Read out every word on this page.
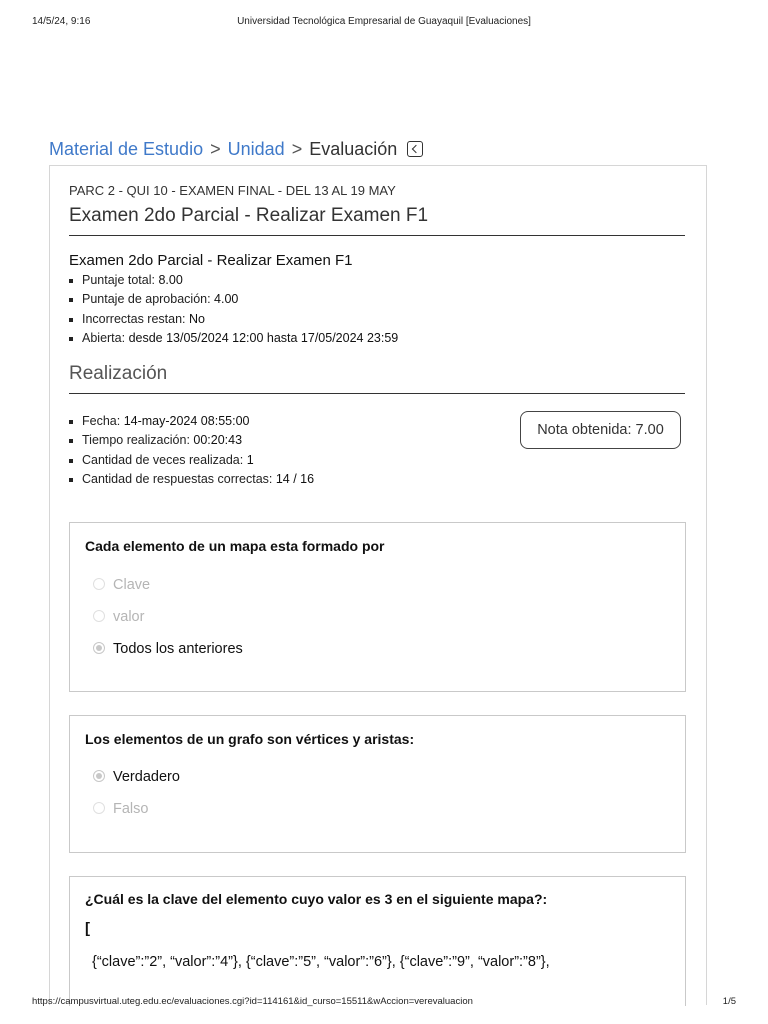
14/5/24, 9:16	Universidad Tecnológica Empresarial de Guayaquil [Evaluaciones]
Material de Estudio > Unidad > Evaluación
PARC 2 - QUI 10 - EXAMEN FINAL - DEL 13 AL 19 MAY
Examen 2do Parcial - Realizar Examen F1
Examen 2do Parcial - Realizar Examen F1
Puntaje total: 8.00
Puntaje de aprobación: 4.00
Incorrectas restan: No
Abierta: desde 13/05/2024 12:00 hasta 17/05/2024 23:59
Realización
Fecha: 14-may-2024 08:55:00
Tiempo realización: 00:20:43
Cantidad de veces realizada: 1
Cantidad de respuestas correctas: 14 / 16
Nota obtenida: 7.00
Cada elemento de un mapa esta formado por
Clave
valor
Todos los anteriores
Los elementos de un grafo son vértices y aristas:
Verdadero
Falso
¿Cuál es la clave del elemento cuyo valor es 3 en el siguiente mapa?:
[
{“clave”:”2”, “valor”:”4”}, {“clave”:”5”, “valor”:”6”}, {“clave”:”9”, “valor”:”8”},
https://campusvirtual.uteg.edu.ec/evaluaciones.cgi?id=114161&id_curso=15511&wAccion=verevaluacion	1/5
